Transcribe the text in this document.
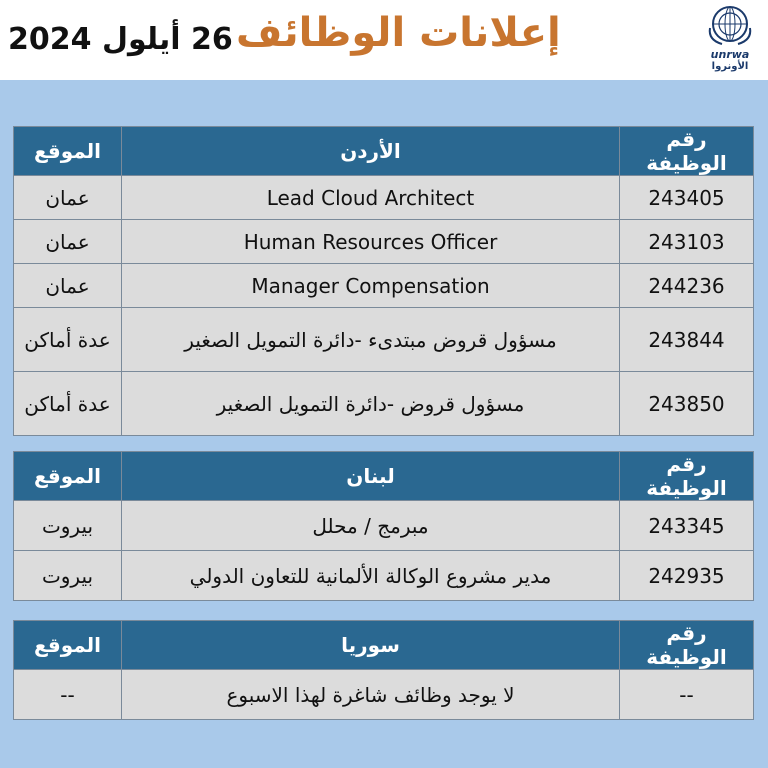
26 أيلول 2024 إعلانات الوظائف	unrwa
الأونروا
رقم الوظيفة	الأردن	الموقع
243405	Lead Cloud Architect	عمان
243103	Human Resources Officer	عمان
244236	Manager Compensation	عمان
243844	مسؤول قروض مبتدىء -دائرة التمويل الصغير	عدة أماكن
243850	مسؤول قروض -دائرة التمويل الصغير	عدة أماكن
رقم الوظيفة	لبنان	الموقع
243345	مبرمج / محلل	بيروت
242935	مدير مشروع الوكالة الألمانية للتعاون الدولي	بيروت
رقم الوظيفة	سوريا	الموقع
--	لا يوجد وظائف شاغرة لهذا الاسبوع	--
